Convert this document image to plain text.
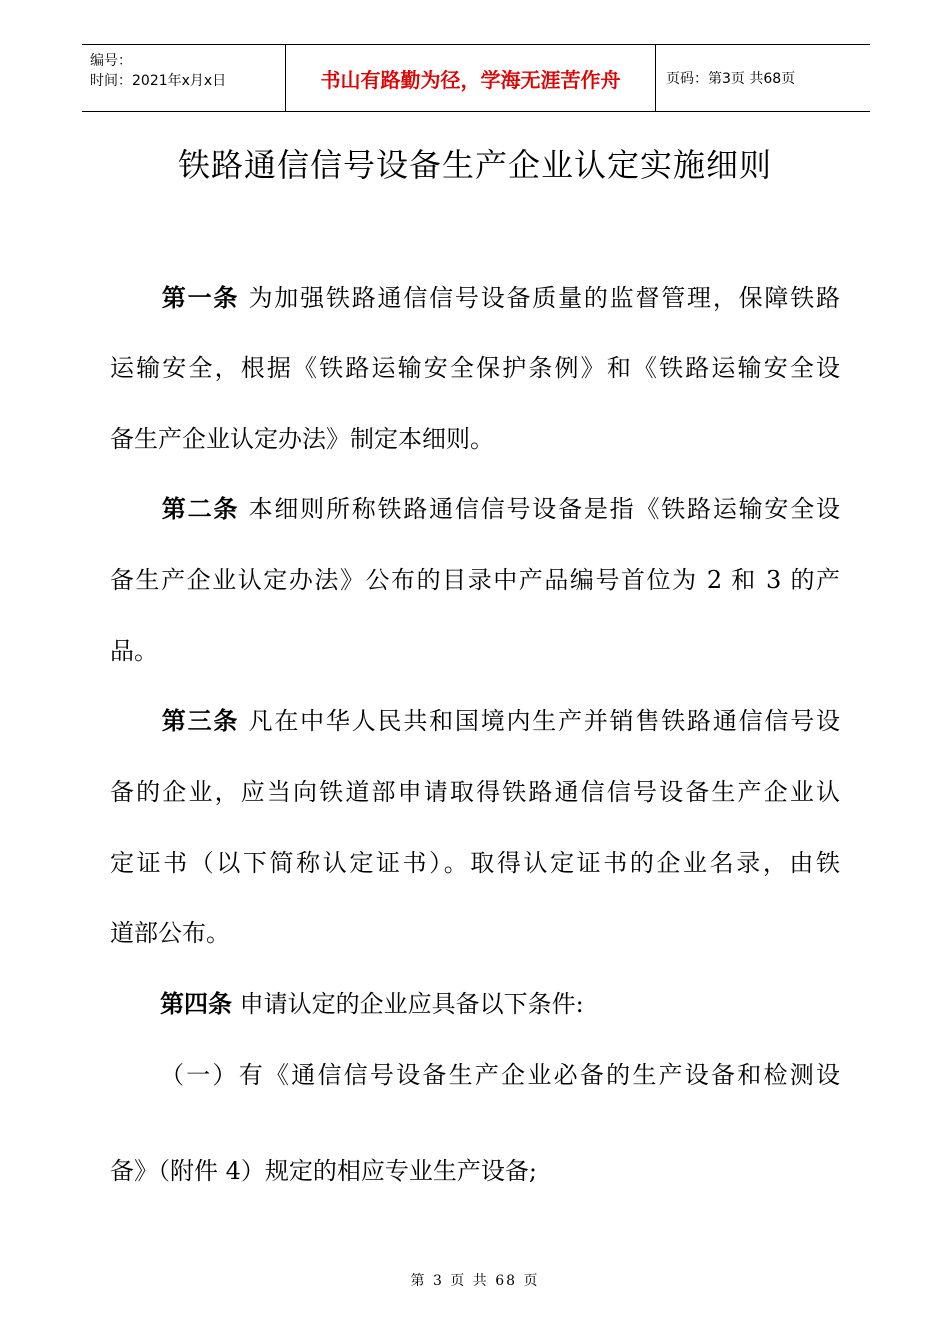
编号：
时间：2021年x月x日	书山有路勤为径，学海无涯苦作舟	页码：第3页 共68页
铁路通信信号设备生产企业认定实施细则
第一条 为加强铁路通信信号设备质量的监督管理，保障铁路
运输安全，根据《铁路运输安全保护条例》和《铁路运输安全设
备生产企业认定办法》制定本细则。
第二条 本细则所称铁路通信信号设备是指《铁路运输安全设
备生产企业认定办法》公布的目录中产品编号首位为 2 和 3 的产
品。
第三条 凡在中华人民共和国境内生产并销售铁路通信信号设
备的企业，应当向铁道部申请取得铁路通信信号设备生产企业认
定证书（以下简称认定证书）。取得认定证书的企业名录，由铁
道部公布。
第四条 申请认定的企业应具备以下条件:
（一）有《通信信号设备生产企业必备的生产设备和检测设
备》（附件 4）规定的相应专业生产设备;
第 3 页 共 68 页
